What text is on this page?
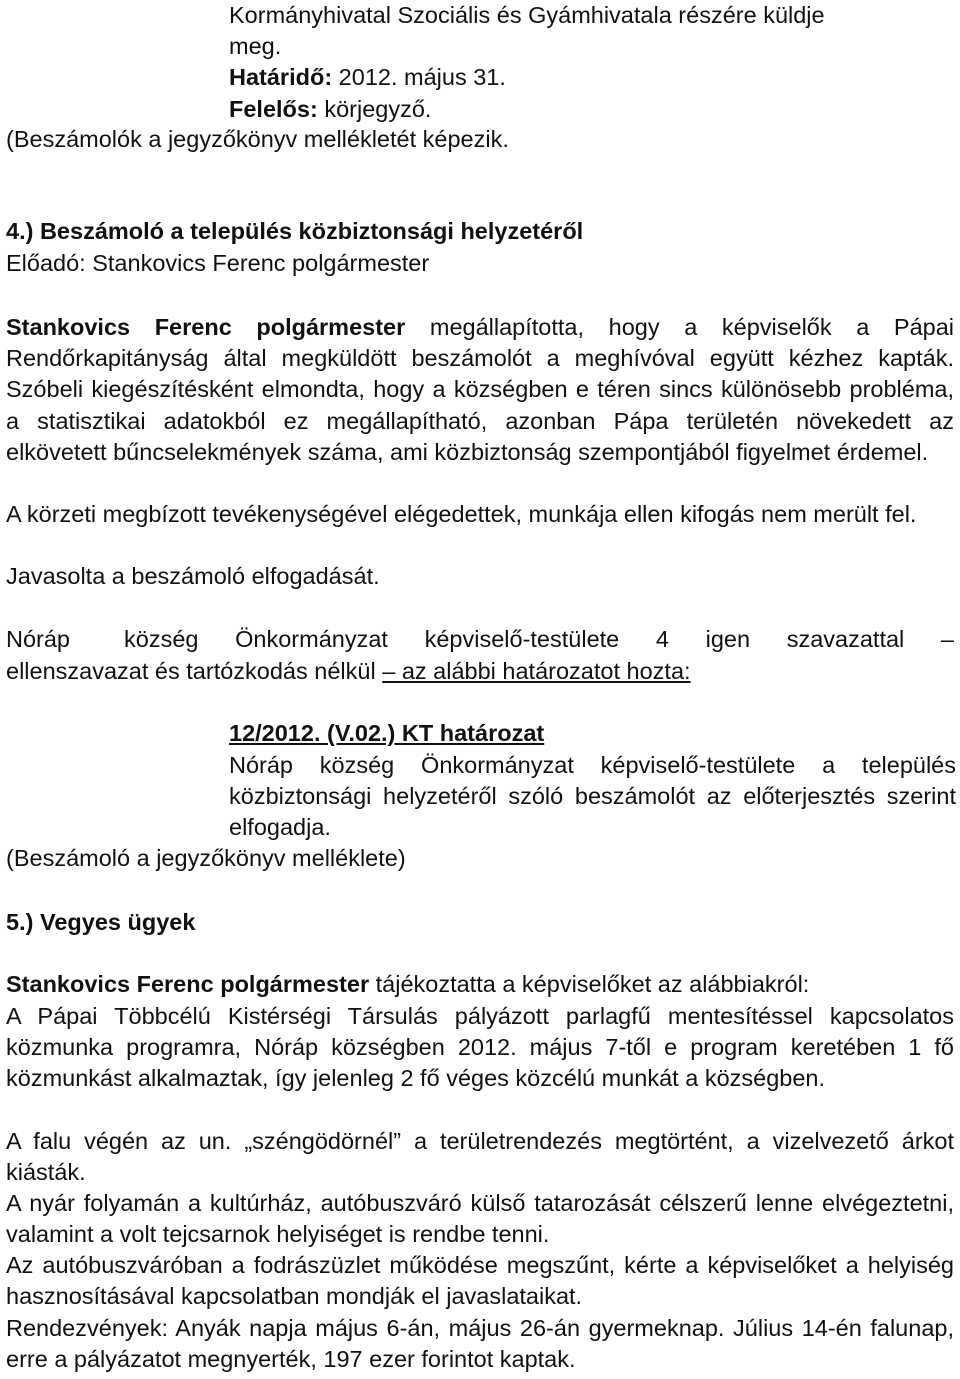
Kormányhivatal Szociális és Gyámhivatala részére küldje
meg.
Határidő: 2012. május 31.
Felelős: körjegyző.
(Beszámolók a jegyzőkönyv mellékletét képezik.
4.) Beszámoló a település közbiztonsági helyzetéről
Előadó: Stankovics Ferenc polgármester
Stankovics Ferenc polgármester megállapította, hogy a képviselők a Pápai Rendőrkapitányság által megküldött beszámolót a meghívóval együtt kézhez kapták. Szóbeli kiegészítésként elmondta, hogy a községben e téren sincs különösebb probléma, a statisztikai adatokból ez megállapítható, azonban Pápa területén növekedett az elkövetett bűncselekmények száma, ami közbiztonság szempontjából figyelmet érdemel.
A körzeti megbízott tevékenységével elégedettek, munkája ellen kifogás nem merült fel.
Javasolta a beszámoló elfogadását.
Nóráp község Önkormányzat képviselő-testülete 4 igen szavazattal –
ellenszavazat és tartózkodás nélkül – az alábbi határozatot hozta:
12/2012. (V.02.) KT határozat
Nóráp község Önkormányzat képviselő-testülete a település közbiztonsági helyzetéről szóló beszámolót az előterjesztés szerint elfogadja.
(Beszámoló a jegyzőkönyv melléklete)
5.) Vegyes ügyek
Stankovics Ferenc polgármester tájékoztatta a képviselőket az alábbiakról:
A Pápai Többcélú Kistérségi Társulás pályázott parlagfű mentesítéssel kapcsolatos közmunka programra, Nóráp községben 2012. május 7-től e program keretében 1 fő közmunkást alkalmaztak, így jelenleg 2 fő véges közcélú munkát a községben.
A falu végén az un. „széngödörnél” a területrendezés megtörtént, a vizelvezető árkot kiásták.
A nyár folyamán a kultúrház, autóbuszváró külső tatarozását célszerű lenne elvégeztetni, valamint a volt tejcsarnok helyiséget is rendbe tenni.
Az autóbuszváróban a fodrászüzlet működése megszűnt, kérte a képviselőket a helyiség hasznosításával kapcsolatban mondják el javaslataikat.
Rendezvények: Anyák napja május 6-án, május 26-án gyermeknap. Július 14-én falunap, erre a pályázatot megnyerték, 197 ezer forintot kaptak.
